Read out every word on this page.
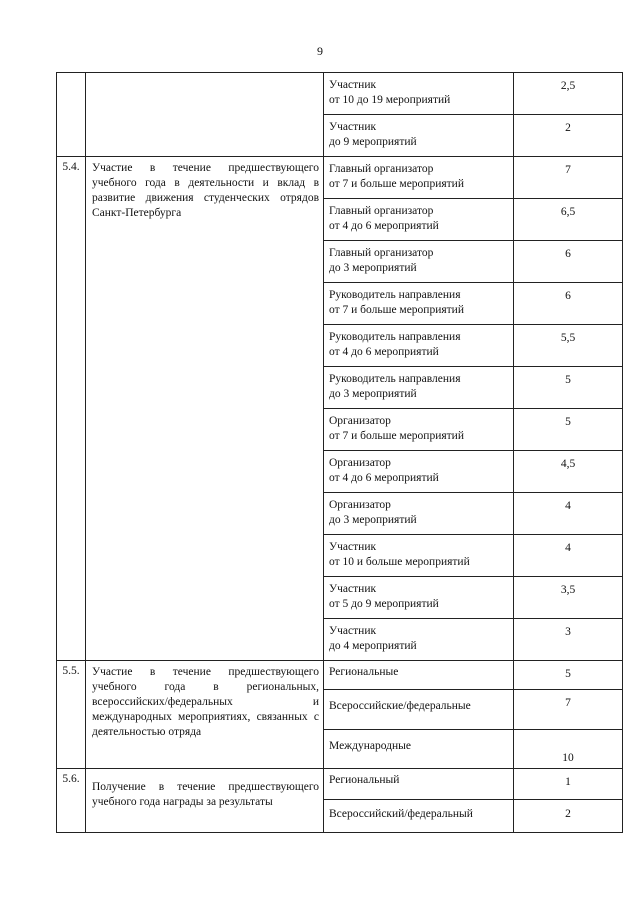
9
		Участник
от 10 до 19 мероприятий	2,5
		Участник
до 9 мероприятий	2
5.4.	Участие в течение предшествующего учебного года в деятельности и вклад в развитие движения студенческих отрядов Санкт-Петербурга	Главный организатор
от 7 и больше мероприятий	7
		Главный организатор
от 4 до 6 мероприятий	6,5
		Главный организатор
до 3 мероприятий	6
		Руководитель направления
от 7 и больше мероприятий	6
		Руководитель направления
от 4 до 6 мероприятий	5,5
		Руководитель направления
до 3 мероприятий	5
		Организатор
от 7 и больше мероприятий	5
		Организатор
от 4 до 6 мероприятий	4,5
		Организатор
до 3 мероприятий	4
		Участник
от 10 и больше мероприятий	4
		Участник
от 5 до 9 мероприятий	3,5
		Участник
до 4 мероприятий	3
5.5.	Участие в течение предшествующего учебного года в региональных, всероссийских/федеральных и международных мероприятиях, связанных с деятельностью отряда	Региональные	5
		Всероссийские/федеральные	7
		Международные	10
5.6.	Получение в течение предшествующего учебного года награды за результаты	Региональный	1
		Всероссийский/федеральный	2
